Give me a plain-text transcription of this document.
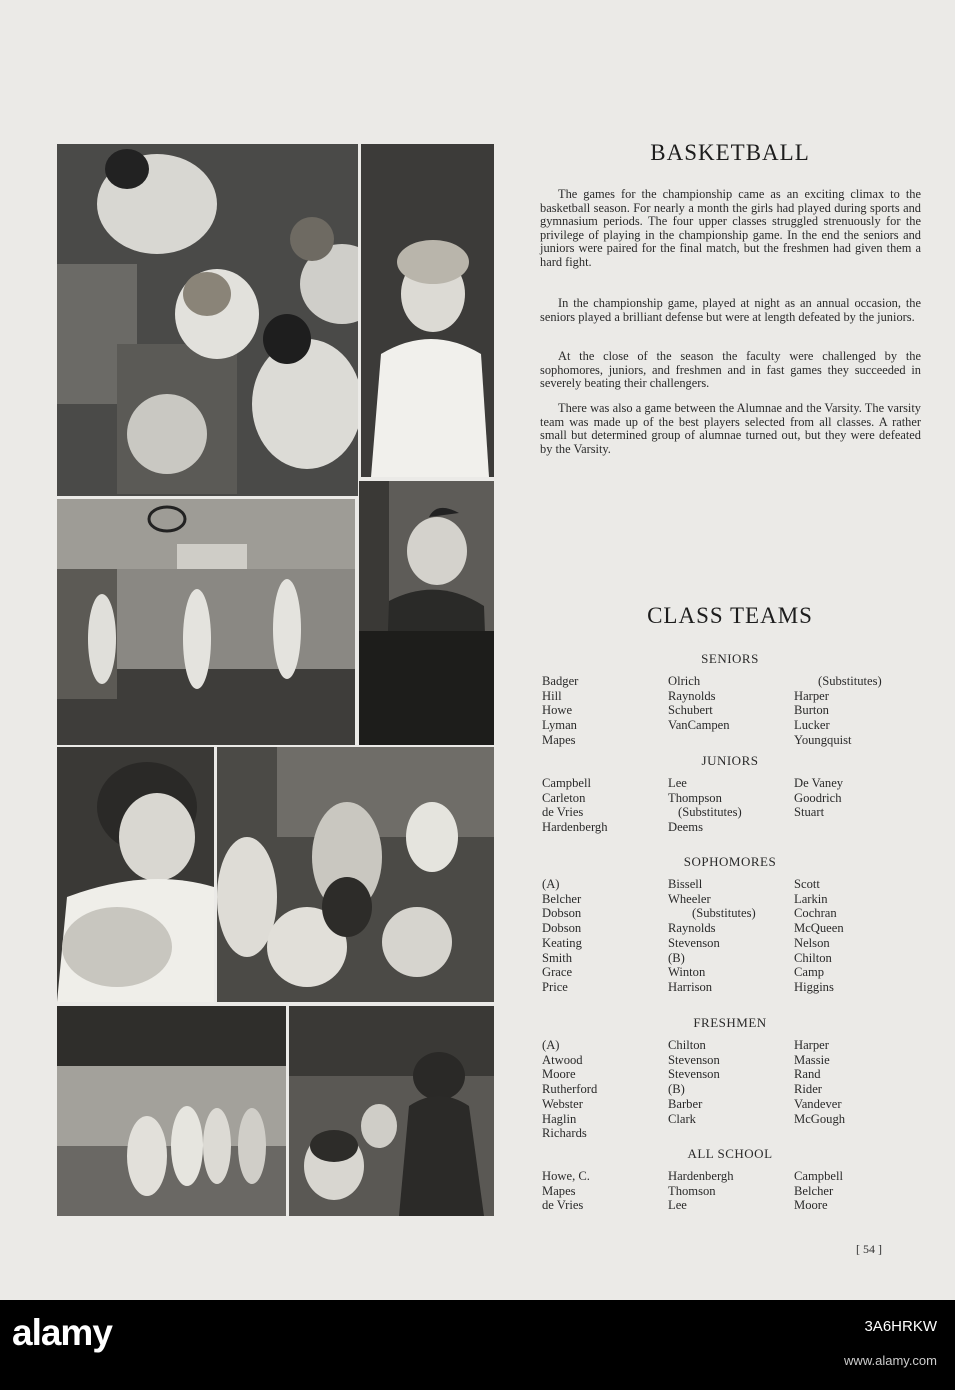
BASKETBALL

The games for the championship came as an exciting climax to the basketball season. For nearly a month the girls had played during sports and gymnasium periods. The four upper classes struggled strenuously for the privilege of playing in the championship game. In the end the seniors and juniors were paired for the final match, but the freshmen had given them a hard fight.

In the championship game, played at night as an annual occasion, the seniors played a brilliant defense but were at length defeated by the juniors.

At the close of the season the faculty were challenged by the sophomores, juniors, and freshmen and in fast games they succeeded in severely beating their challengers.

There was also a game between the Alumnae and the Varsity. The varsity team was made up of the best players selected from all classes. A rather small but determined group of alumnae turned out, but they were defeated by the Varsity.

CLASS TEAMS
SENIORS
Badger
Hill
Howe
Lyman
Mapes
Olrich
Raynolds
Schubert
VanCampen
(Substitutes)
Harper
Burton
Lucker
Youngquist
JUNIORS
Campbell
Carleton
de Vries
Hardenbergh
Lee
Thompson
(Substitutes)
Deems
De Vaney
Goodrich
Stuart
SOPHOMORES
(A)
Belcher
Dobson
Dobson
Keating
Smith
Grace
Price
Bissell
Wheeler
(Substitutes)
Raynolds
Stevenson
(B)
Winton
Harrison
Scott
Larkin
Cochran
McQueen
Nelson
Chilton
Camp
Higgins
FRESHMEN
(A)
Atwood
Moore
Rutherford
Webster
Haglin
Richards
Chilton
Stevenson
Stevenson
(B)
Barber
Clark
Harper
Massie
Rand
Rider
Vandever
McGough
ALL SCHOOL
Howe, C.
Mapes
de Vries
Hardenbergh
Thomson
Lee
Campbell
Belcher
Moore
[ 54 ]
alamy	3A6HRKW
www.alamy.com
